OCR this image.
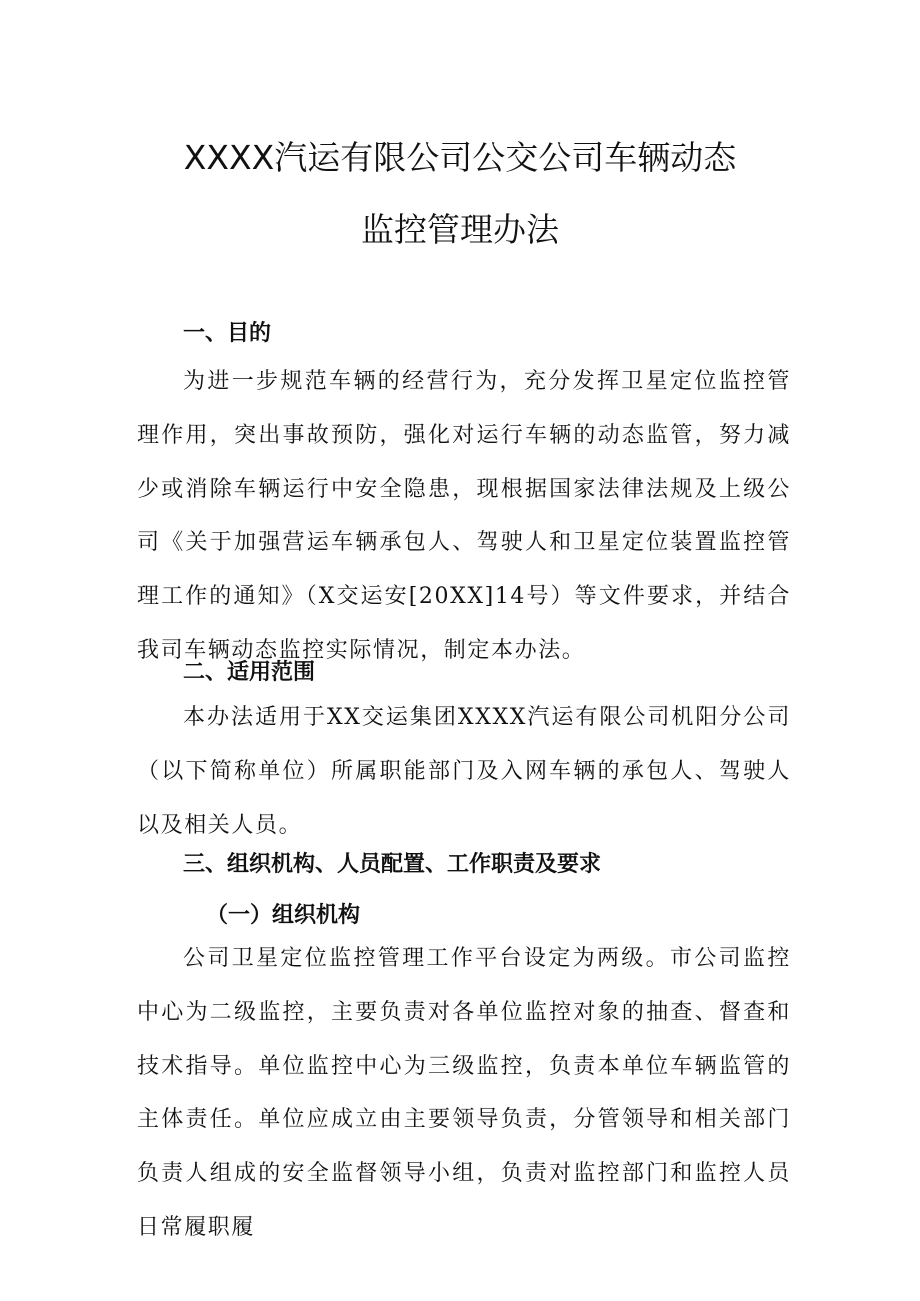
XXXX汽运有限公司公交公司车辆动态
监控管理办法
一、目的

为进一步规范车辆的经营行为，充分发挥卫星定位监控管理作用，突出事故预防，强化对运行车辆的动态监管，努力减少或消除车辆运行中安全隐患，现根据国家法律法规及上级公司《关于加强营运车辆承包人、驾驶人和卫星定位装置监控管理工作的通知》（X交运安[20XX]14号）等文件要求，并结合我司车辆动态监控实际情况，制定本办法。

二、适用范围

本办法适用于XX交运集团XXXX汽运有限公司机阳分公司（以下简称单位）所属职能部门及入网车辆的承包人、驾驶人以及相关人员。

三、组织机构、人员配置、工作职责及要求
（一）组织机构

公司卫星定位监控管理工作平台设定为两级。市公司监控中心为二级监控，主要负责对各单位监控对象的抽查、督查和技术指导。单位监控中心为三级监控，负责本单位车辆监管的主体责任。单位应成立由主要领导负责，分管领导和相关部门负责人组成的安全监督领导小组，负责对监控部门和监控人员日常履职履
